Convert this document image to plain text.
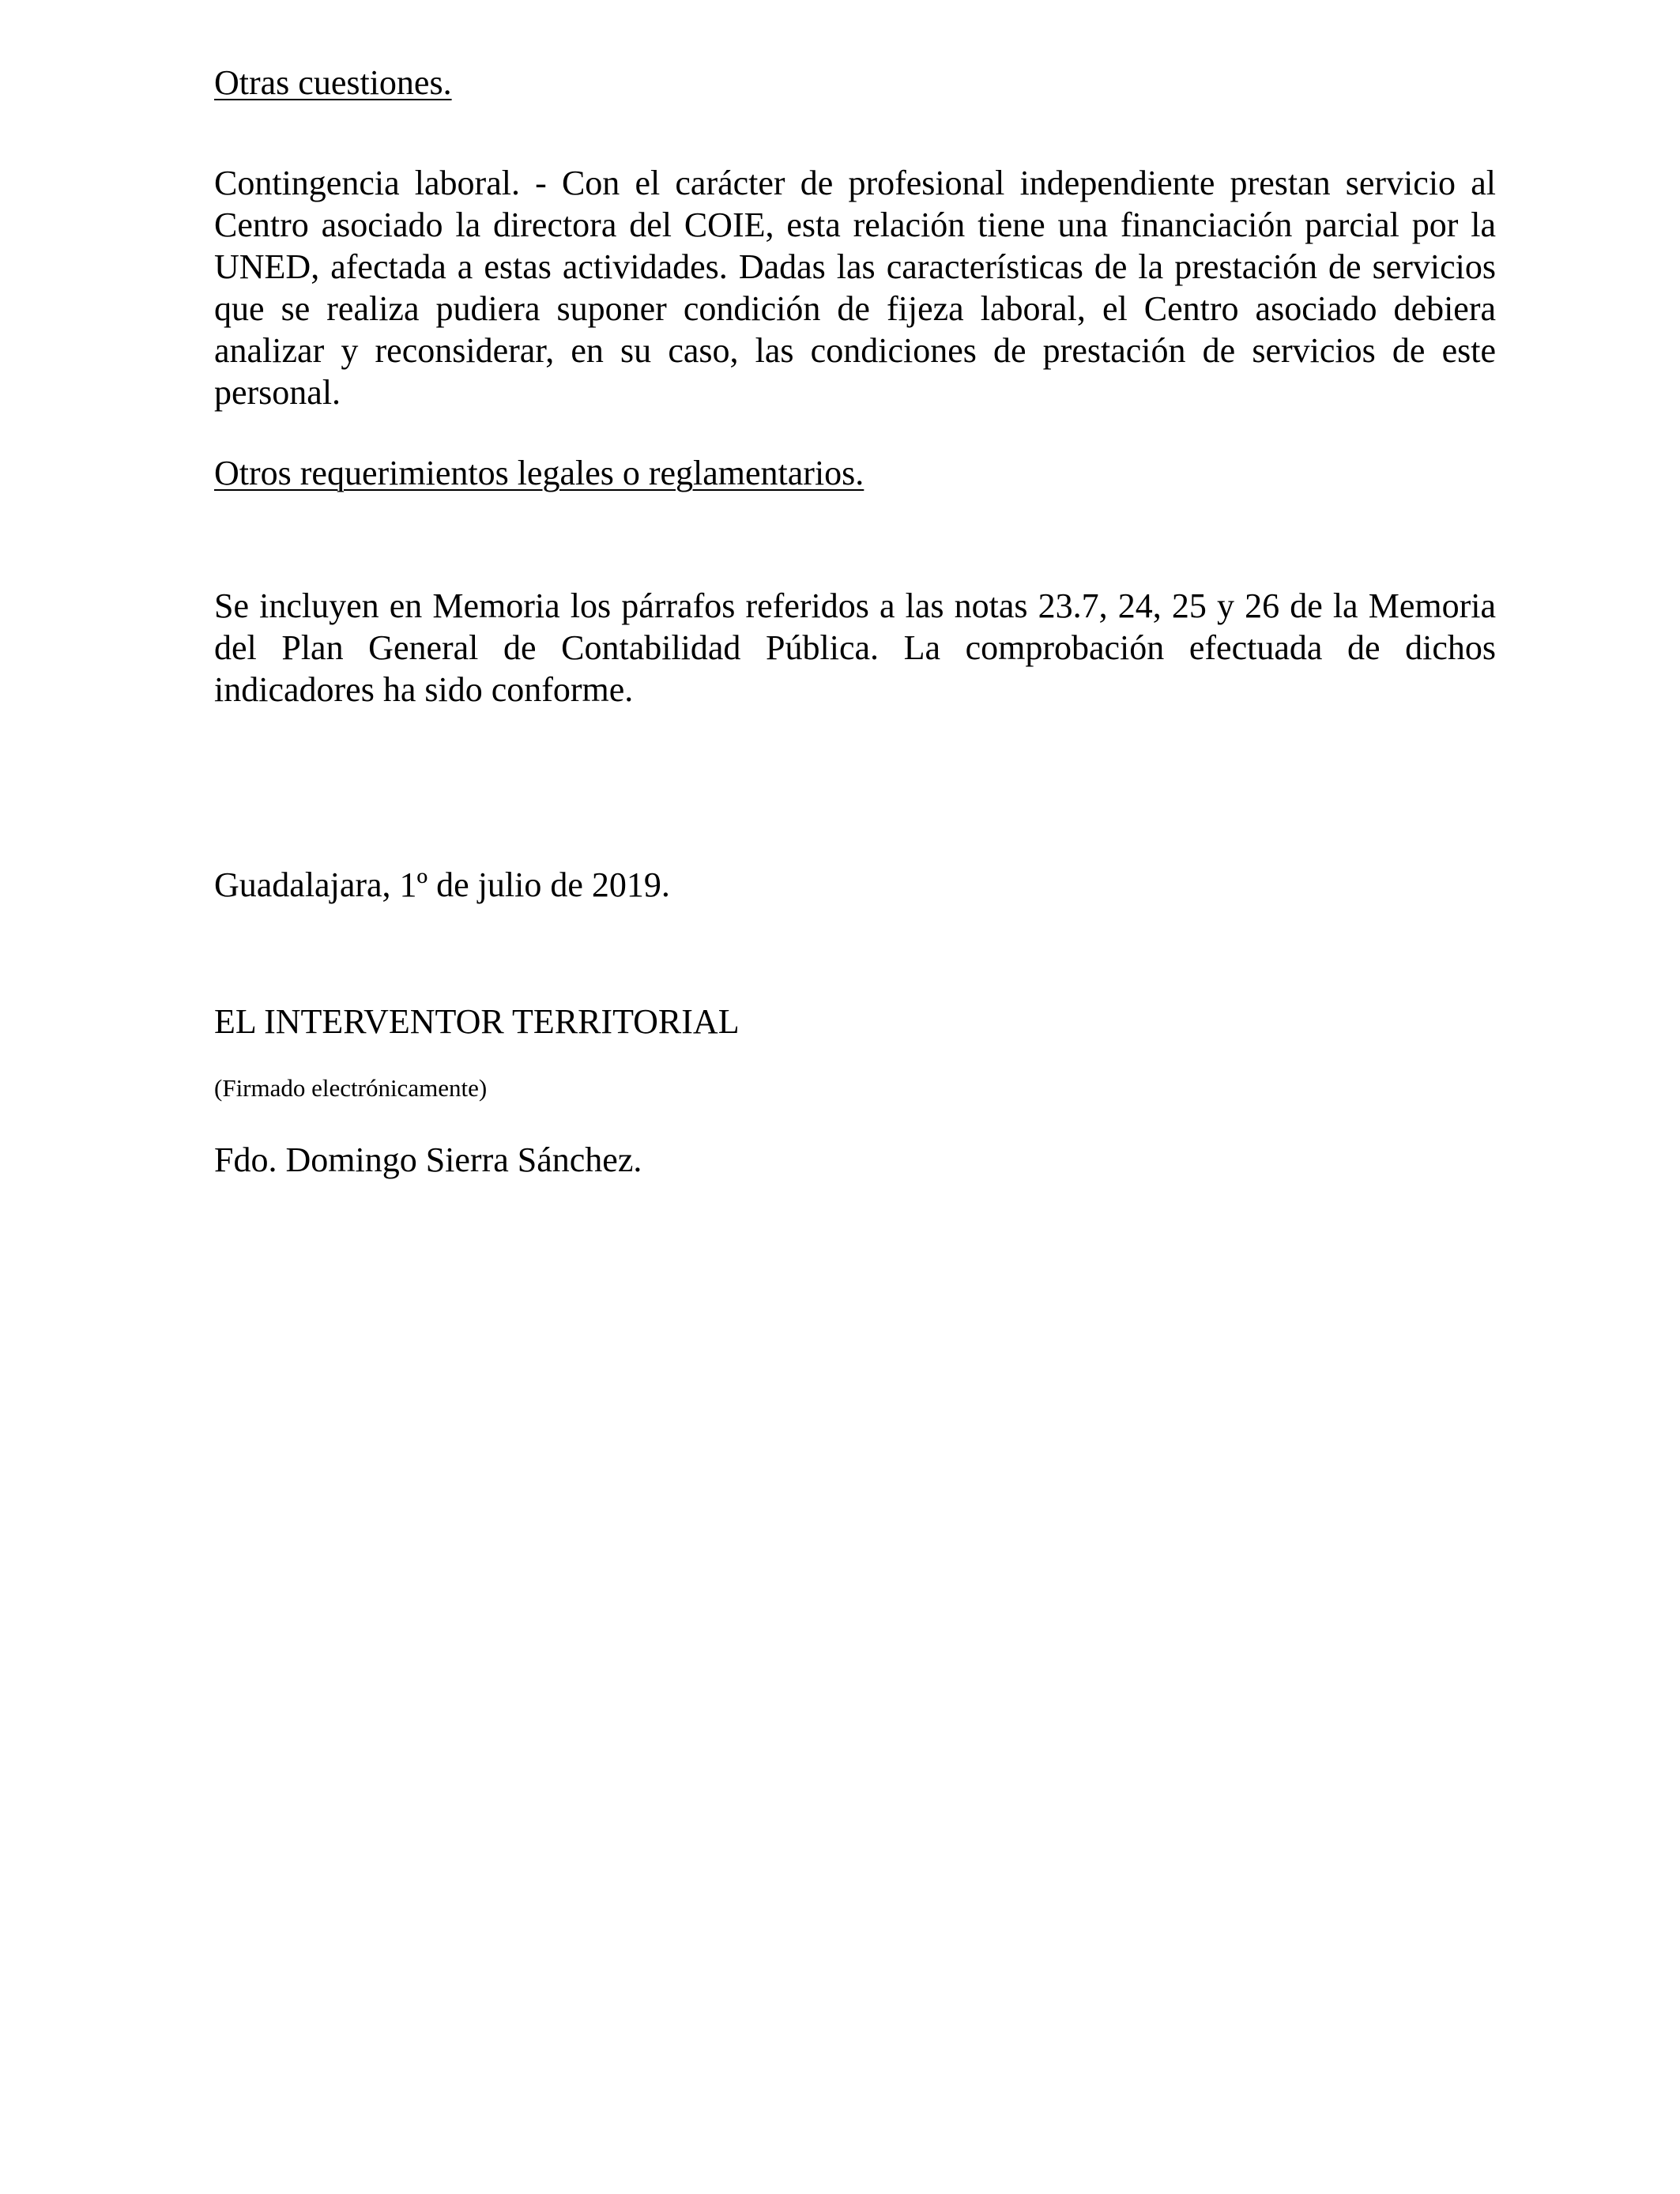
Otras cuestiones.

Contingencia laboral. - Con el carácter de profesional independiente prestan servicio al Centro asociado la directora del COIE, esta relación tiene una financiación parcial por la UNED, afectada a estas actividades. Dadas las características de la prestación de servicios que se realiza pudiera suponer condición de fijeza laboral, el Centro asociado debiera analizar y reconsiderar, en su caso, las condiciones de prestación de servicios de este personal.

Otros requerimientos legales o reglamentarios.

Se incluyen en Memoria los párrafos referidos a las notas 23.7, 24, 25 y 26 de la Memoria del Plan General de Contabilidad Pública. La comprobación efectuada de dichos indicadores ha sido conforme.

Guadalajara, 1º de julio de 2019.

EL INTERVENTOR TERRITORIAL

(Firmado electrónicamente)

Fdo. Domingo Sierra Sánchez.
